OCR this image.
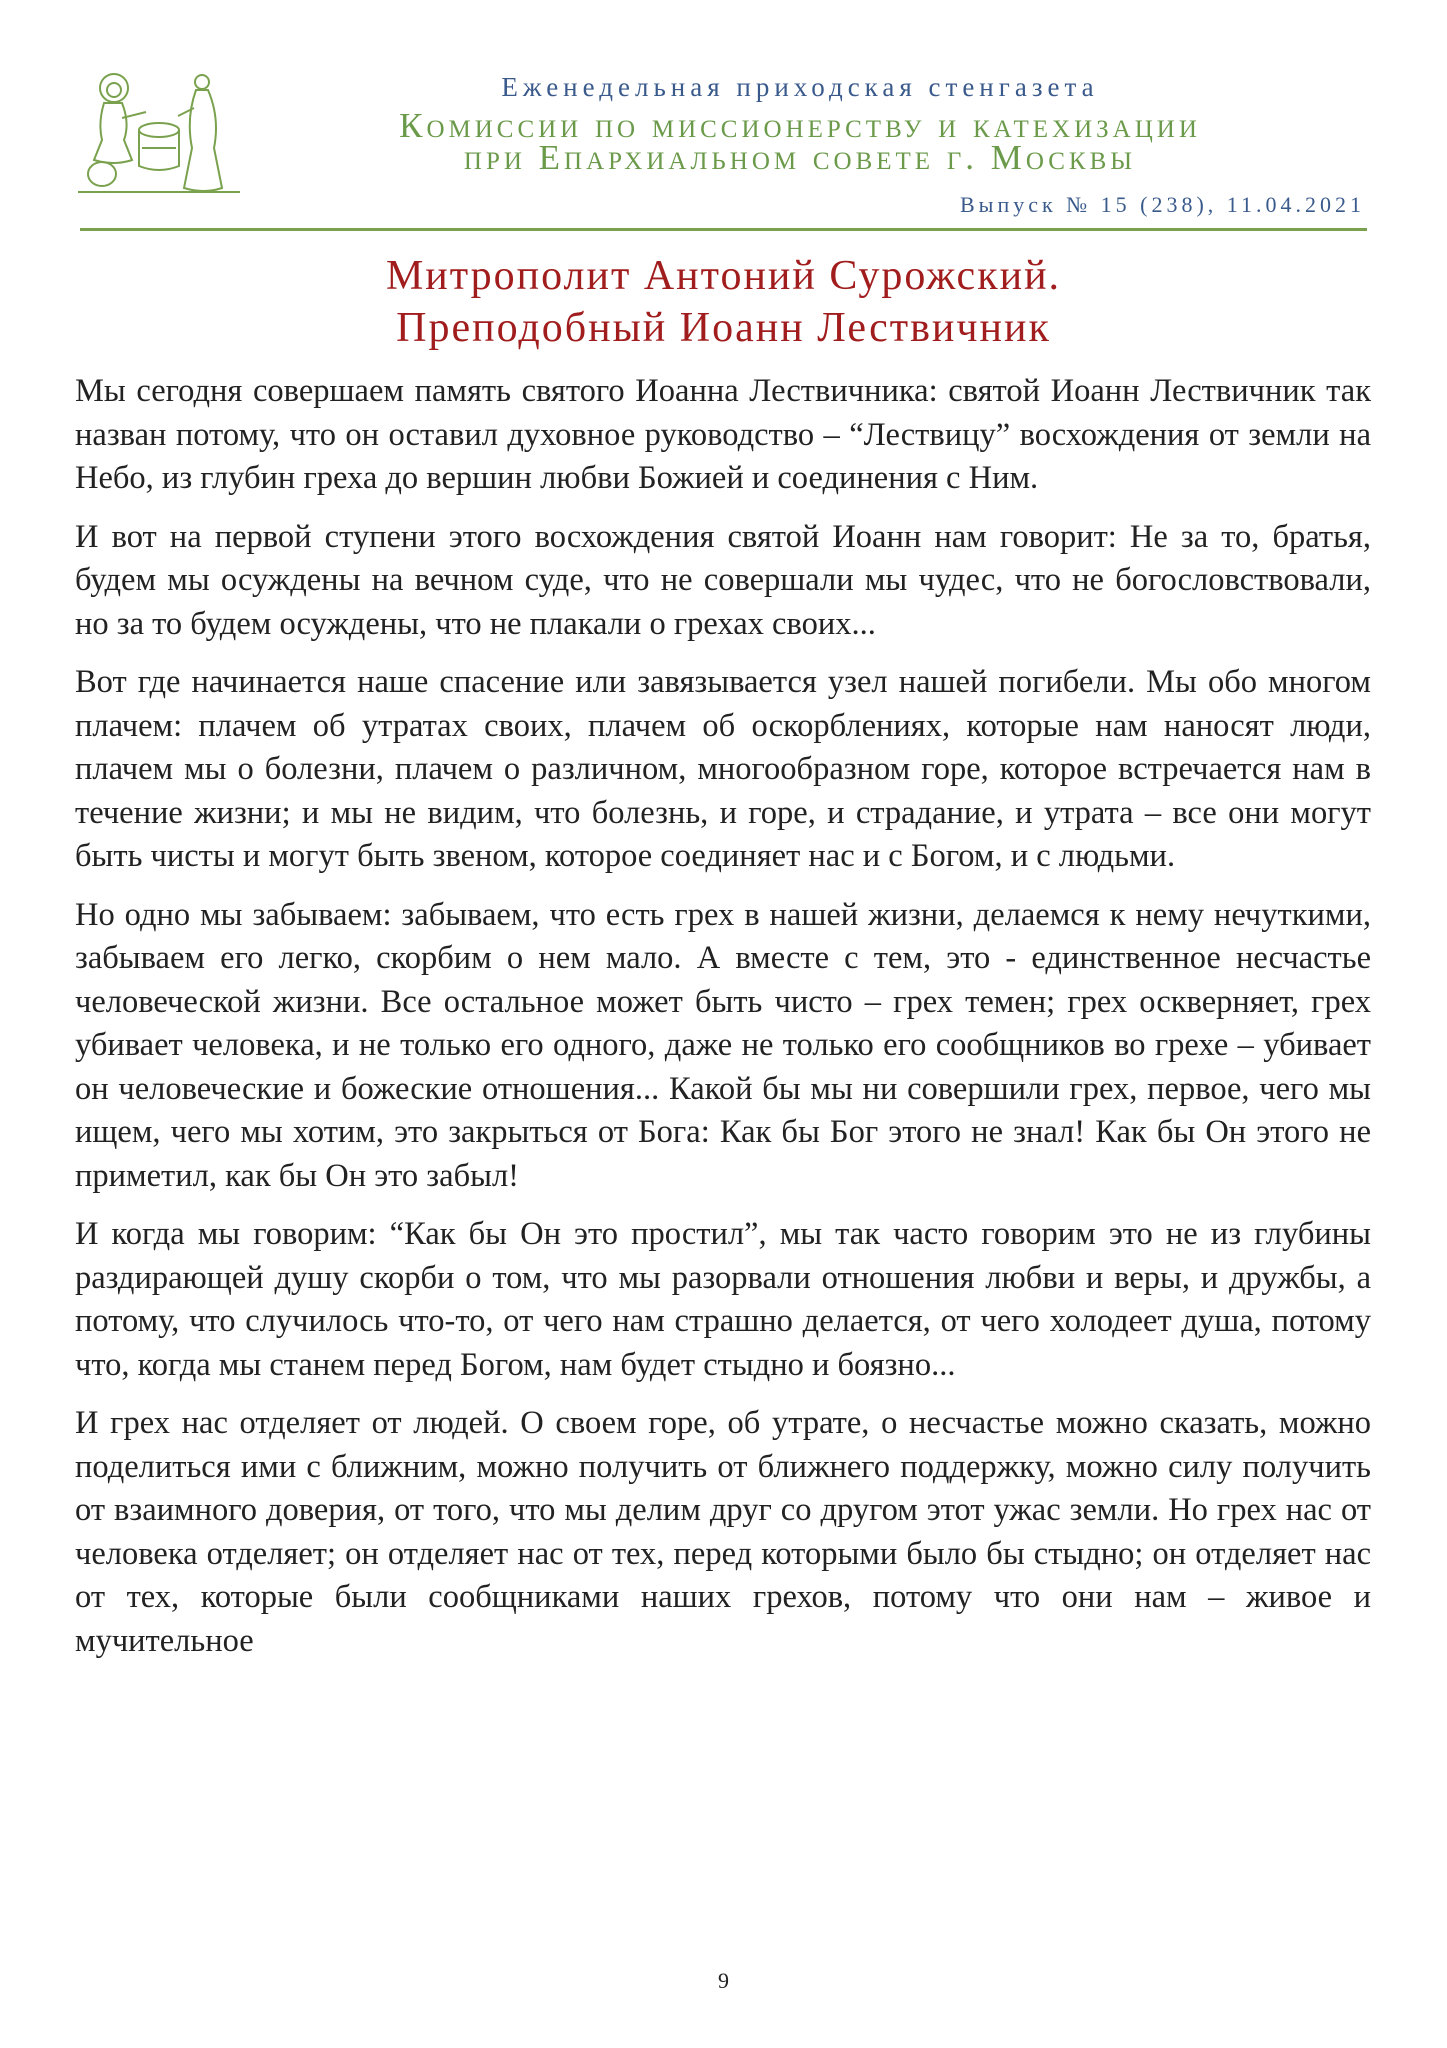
Еженедельная приходская стенгазета
Комиссии по миссионерству и катехизации
при Епархиальном совете г. Москвы
Выпуск № 15 (238), 11.04.2021
Митрополит Антоний Сурожский.
Преподобный Иоанн Лествичник

Мы сегодня совершаем память святого Иоанна Лествичника: святой Иоанн Лествичник так назван потому, что он оставил духовное руководство – “Лествицу” восхождения от земли на Небо, из глубин греха до вершин любви Божией и соединения с Ним.

И вот на первой ступени этого восхождения святой Иоанн нам говорит: Не за то, братья, будем мы осуждены на вечном суде, что не совершали мы чудес, что не богословствовали, но за то будем осуждены, что не плакали о грехах своих...

Вот где начинается наше спасение или завязывается узел нашей погибели. Мы обо многом плачем: плачем об утратах своих, плачем об оскорблениях, которые нам наносят люди, плачем мы о болезни, плачем о различном, многообразном горе, которое встречается нам в течение жизни; и мы не видим, что болезнь, и горе, и страдание, и утрата – все они могут быть чисты и могут быть звеном, которое соединяет нас и с Богом, и с людьми.

Но одно мы забываем: забываем, что есть грех в нашей жизни, делаемся к нему нечуткими, забываем его легко, скорбим о нем мало. А вместе с тем, это - единственное несчастье человеческой жизни. Все остальное может быть чисто – грех темен; грех оскверняет, грех убивает человека, и не только его одного, даже не только его сообщников во грехе – убивает он человеческие и божеские отношения... Какой бы мы ни совершили грех, первое, чего мы ищем, чего мы хотим, это закрыться от Бога: Как бы Бог этого не знал! Как бы Он этого не приметил, как бы Он это забыл!

И когда мы говорим: “Как бы Он это простил”, мы так часто говорим это не из глубины раздирающей душу скорби о том, что мы разорвали отношения любви и веры, и дружбы, а потому, что случилось что-то, от чего нам страшно делается, от чего холодеет душа, потому что, когда мы станем перед Богом, нам будет стыдно и боязно...

И грех нас отделяет от людей. О своем горе, об утрате, о несчастье можно сказать, можно поделиться ими с ближним, можно получить от ближнего поддержку, можно силу получить от взаимного доверия, от того, что мы делим друг со другом этот ужас земли. Но грех нас от человека отделяет; он отделяет нас от тех, перед которыми было бы стыдно; он отделяет нас от тех, которые были сообщниками наших грехов, потому что они нам – живое и мучительное

9
